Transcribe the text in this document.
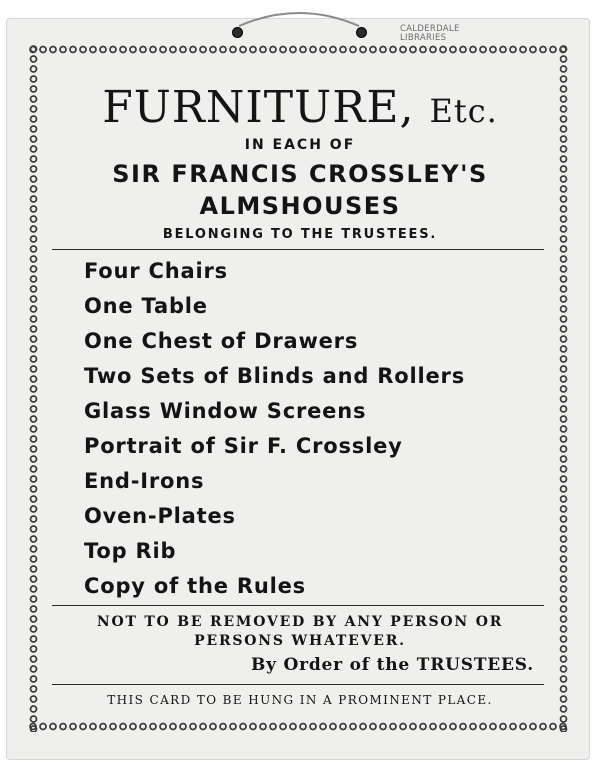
CALDERDALE
LIBRARIES
FURNITURE, Etc.
IN EACH OF
SIR FRANCIS CROSSLEY'S
ALMSHOUSES
BELONGING TO THE TRUSTEES.
Four Chairs
One Table
One Chest of Drawers
Two Sets of Blinds and Rollers
Glass Window Screens
Portrait of Sir F. Crossley
End-Irons
Oven-Plates
Top Rib
Copy of the Rules
NOT TO BE REMOVED BY ANY PERSON OR
PERSONS WHATEVER.
By Order of the TRUSTEES.
THIS CARD TO BE HUNG IN A PROMINENT PLACE.
